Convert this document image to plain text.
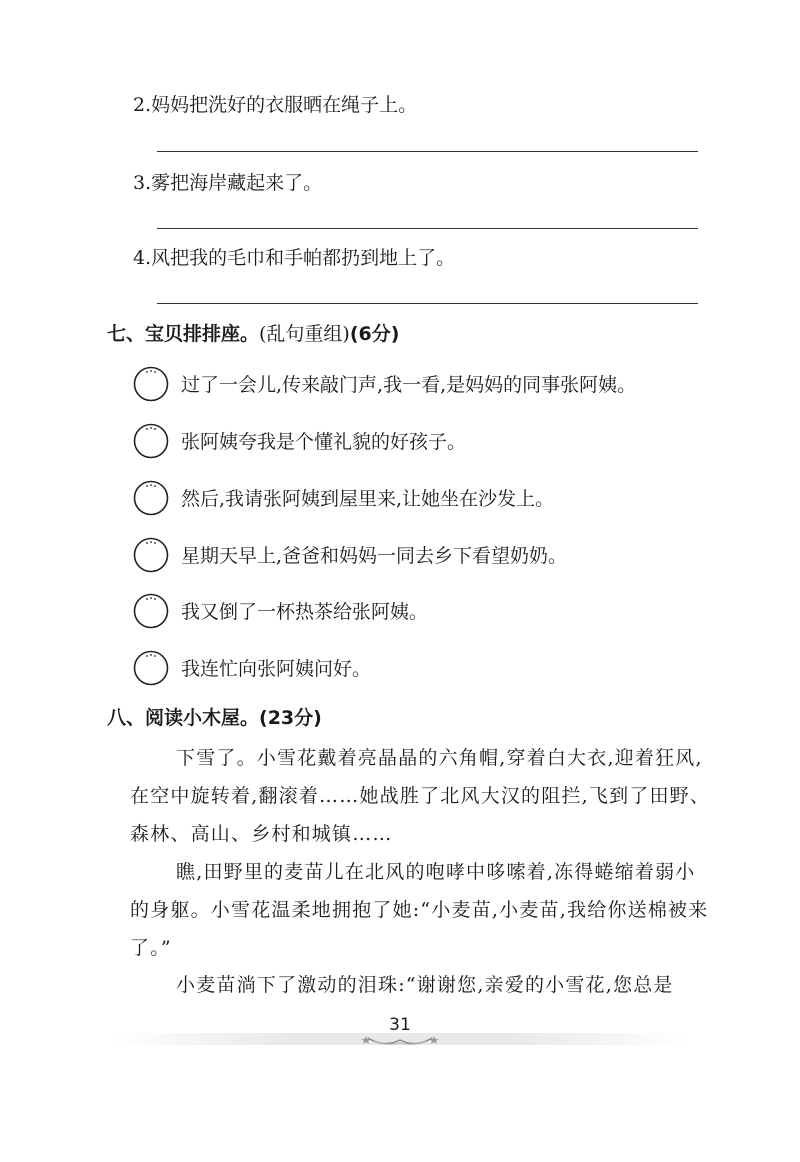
2.妈妈把洗好的衣服晒在绳子上。
3.雾把海岸藏起来了。
4.风把我的毛巾和手帕都扔到地上了。
七、宝贝排排座。(乱句重组)(6分)
过了一会儿,传来敲门声,我一看,是妈妈的同事张阿姨。
张阿姨夸我是个懂礼貌的好孩子。
然后,我请张阿姨到屋里来,让她坐在沙发上。
星期天早上,爸爸和妈妈一同去乡下看望奶奶。
我又倒了一杯热茶给张阿姨。
我连忙向张阿姨问好。
八、阅读小木屋。(23分)
下雪了。小雪花戴着亮晶晶的六角帽,穿着白大衣,迎着狂风,在空中旋转着,翻滚着……她战胜了北风大汉的阻拦,飞到了田野、森林、高山、乡村和城镇……
瞧,田野里的麦苗儿在北风的咆哮中哆嗦着,冻得蜷缩着弱小的身躯。小雪花温柔地拥抱了她:“小麦苗,小麦苗,我给你送棉被来了。”
小麦苗淌下了激动的泪珠:“谢谢您,亲爱的小雪花,您总是
31
